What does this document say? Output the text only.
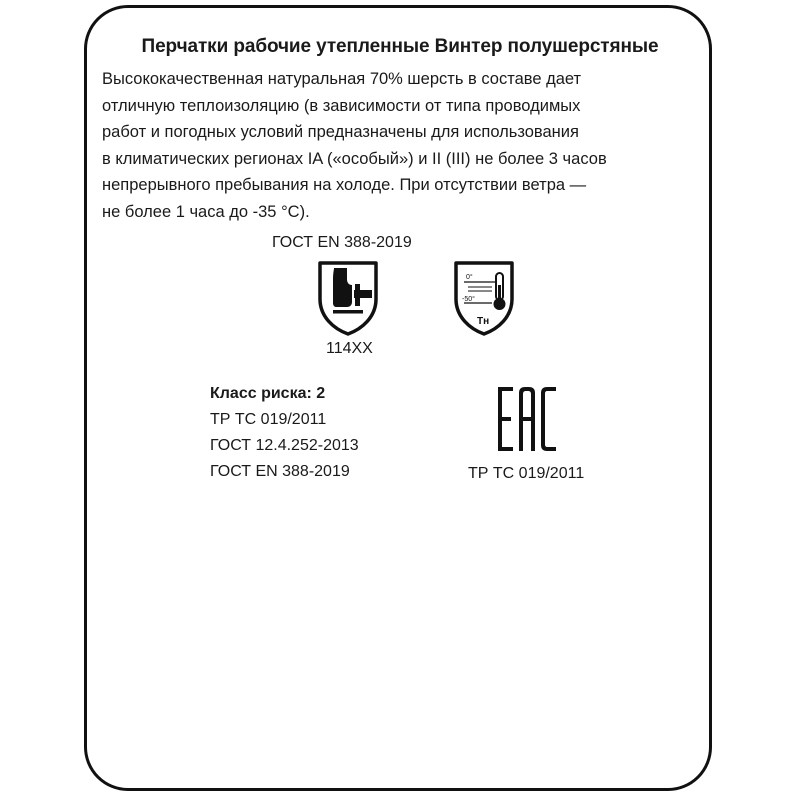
Перчатки рабочие утепленные Винтер полушерстяные

Высококачественная натуральная 70% шерсть в составе дает

отличную теплоизоляцию (в зависимости от типа проводимых

работ и погодных условий предназначены для использования

в климатических регионах IA («особый») и II (III) не более 3 часов

непрерывного пребывания на холоде. При отсутствии ветра —

не более 1 часа до -35 °С).

ГОСТ EN 388-2019
0°
-50°
Тн
114XX
Класс риска: 2
ТР ТС 019/2011
ГОСТ 12.4.252-2013
ГОСТ EN 388-2019	ТР ТС 019/2011
